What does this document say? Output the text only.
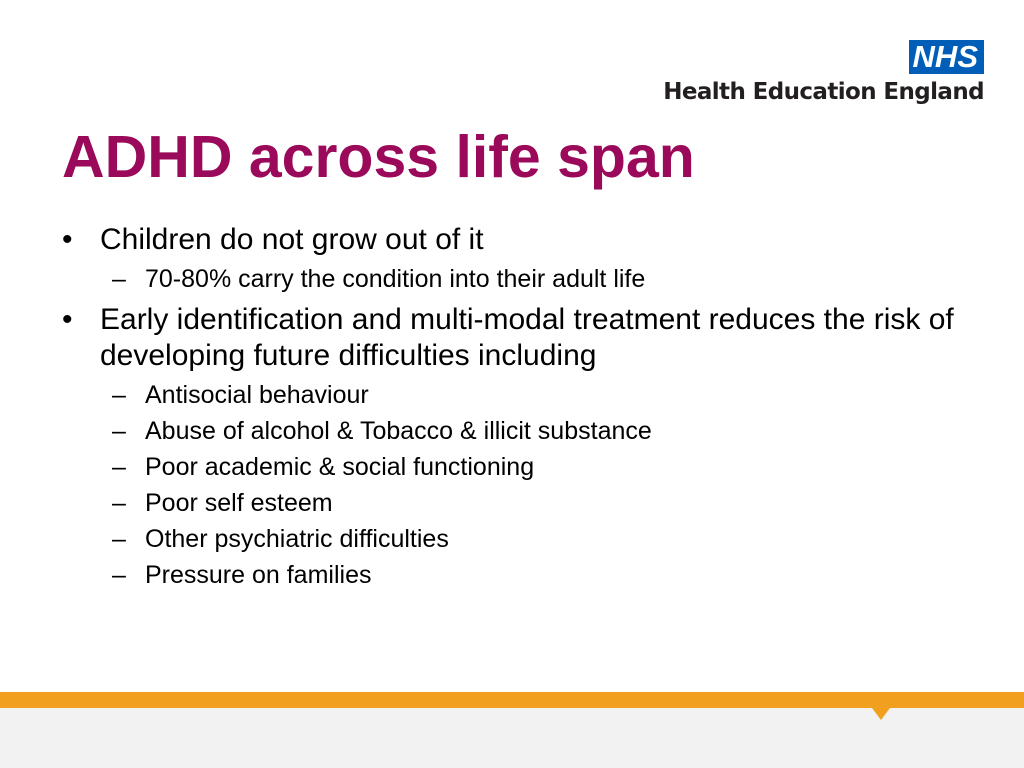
NHS
Health Education England
ADHD across life span
• Children do not grow out of it
– 70-80% carry the condition into their adult life
• Early identification and multi-modal treatment reduces the risk of developing future difficulties including
– Antisocial behaviour
– Abuse of alcohol & Tobacco & illicit substance
– Poor academic & social functioning
– Poor self esteem
– Other psychiatric difficulties
– Pressure on families
